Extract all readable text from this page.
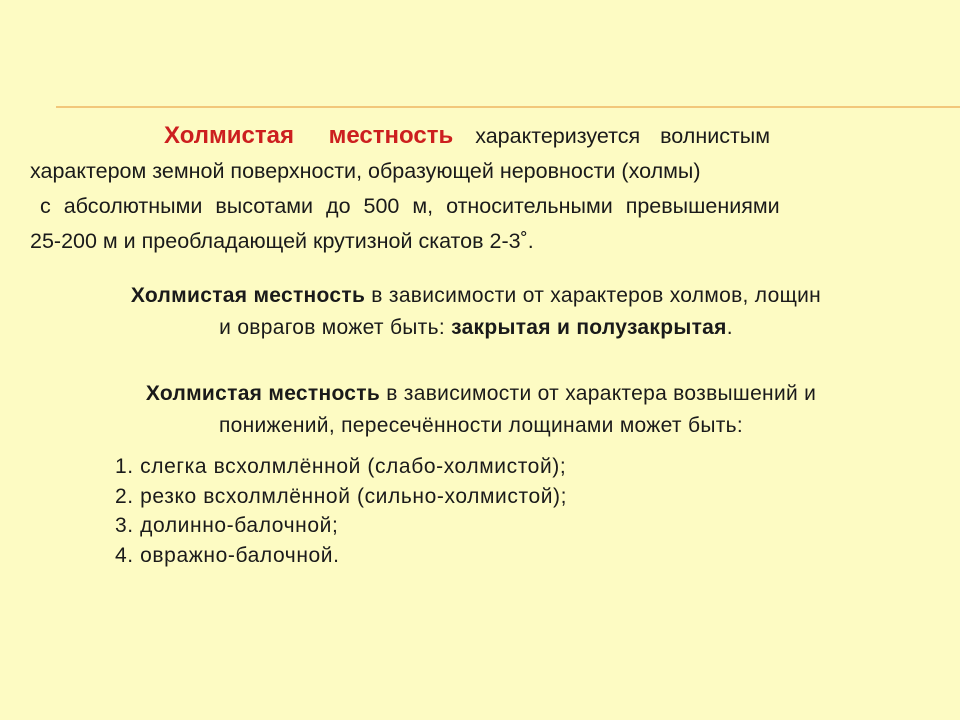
Холмистая местность характеризуется волнистым
характером земной поверхности, образующей неровности (холмы)
с абсолютными высотами до 500 м, относительными превышениями
25-200 м и преобладающей крутизной скатов 2-3˚.
Холмистая местность в зависимости от характеров холмов, лощин
и оврагов может быть: закрытая и полузакрытая.
Холмистая местность в зависимости от характера возвышений и
понижений, пересечённости лощинами может быть:
1. слегка всхолмлённой (слабо-холмистой);
2. резко всхолмлённой (сильно-холмистой);
3. долинно-балочной;
4. овражно-балочной.
